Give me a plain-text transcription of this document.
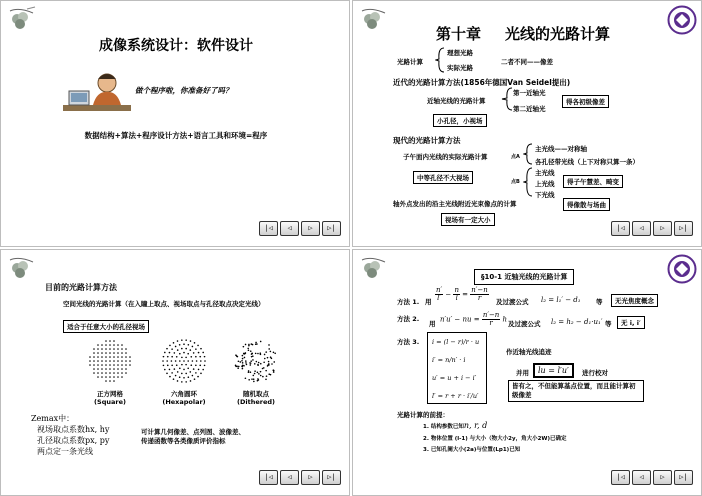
成像系统设计：软件设计
做个程序啦，你准备好了吗？
数据结构+算法+程序设计方法+语言工具和环境=程序
|◁	◁	▷	▷|
第十章 光线的光路计算
光路计算
理想光路
实际光路
二者不同——像差
近代的光路计算方法(1856年德国Van Seidel提出)
近轴光线的光路计算
第一近轴光
第二近轴光
得各初级像差
小孔径，小视场
现代的光路计算方法
子午面内光线的实际光路计算	点A
主光线——对称轴
各孔径带光线（上下对称只算一条）
中等孔径不大视场	点B
主光线
上光线
下光线
得子午慧差、畸变
轴外点发出的沿主光线附近光束像点的计算	得像散与场曲
视场有一定大小
|◁	◁	▷	▷|
目前的光路计算方法
空间光线的光路计算（在入瞳上取点、视场取点与孔径取点决定光线）
适合于任意大小的孔径视场
正方网格
(Square)
六角圆环
(Hexapolar)
随机取点
(Dithered)
Zemax中：
视场取点系数hx, hy
孔径取点系数px, py
两点定一条光线
可计算几何像差、点列图、波像差、
传递函数等各类像质评价指标
|◁	◁	▷	▷|
§10-1 近轴光线的光路计算
方法 1. 用 $\frac{n'}{l'} - \frac{n}{l} = \frac{n'-n}{r}$ 及过渡公式 l₂ = l₁′ − d₁ 等	无光焦度概念
方法 2.
用
n′u′ − nu = $\frac{n'-n}{r}$ h
及过渡公式 l₂ = h₂ − d₁·u₁′ 等	无 i, i′
方法 3. i = (l − r)/r · u
i′ = n/n′ · i
u′ = u + i − i′
l′ = r + r · i′/u′
作近轴光线追迹
并用	lu = l′u′	进行校对
皆有之，不但能算基点位置，而且能计算初级像差
光路计算的前提：
1. 结构参数已知n, r, d
2. 物体位置 (l-1) 与大小（物大小2y，角大小2W)已确定
3. 已知孔阑大小(2a)与位置(Lp1)已知
|◁	◁	▷	▷|
